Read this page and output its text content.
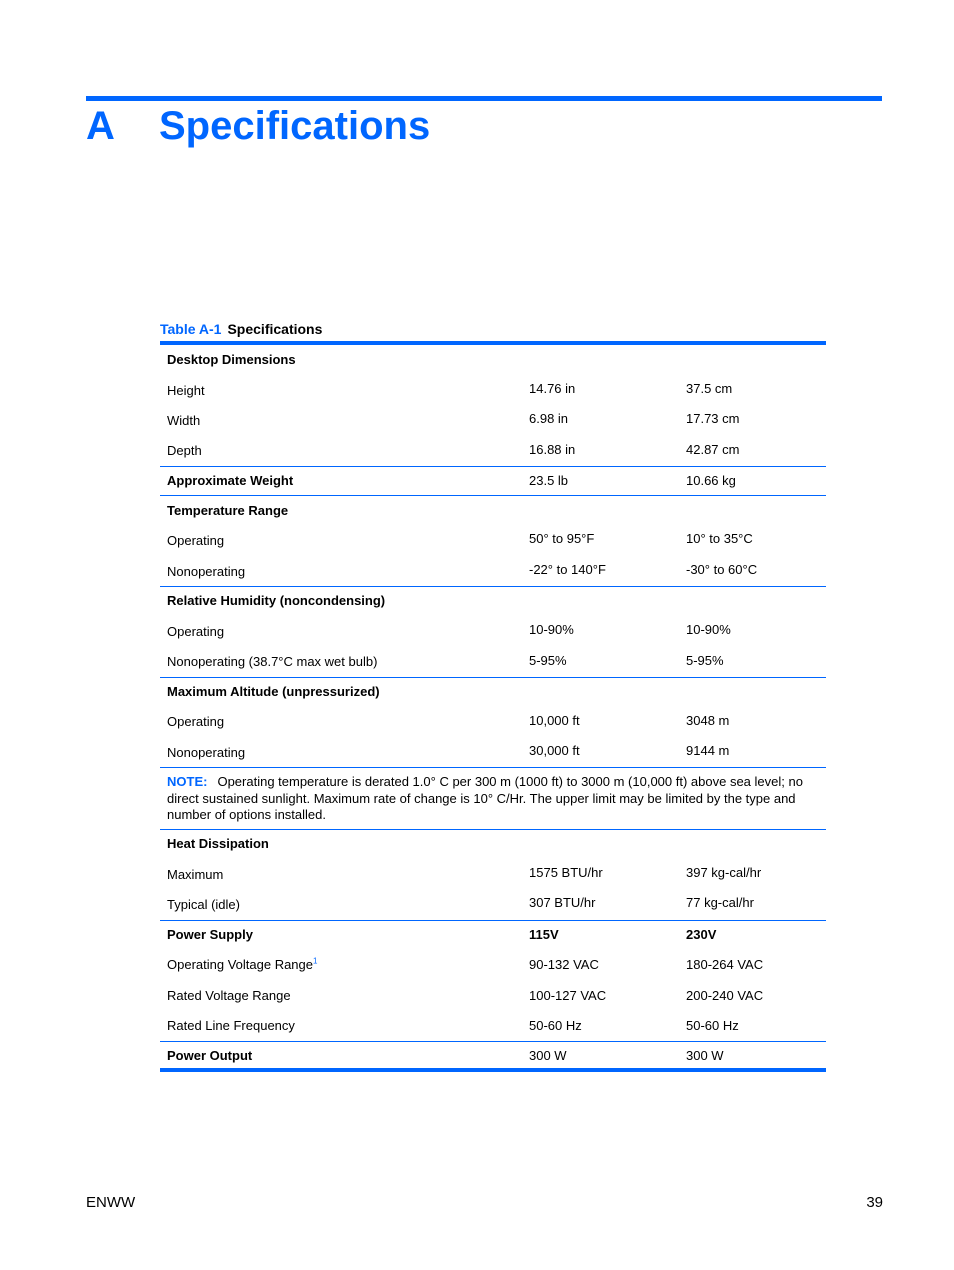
A Specifications
Table A-1 Specifications
Desktop Dimensions
Height	14.76 in	37.5 cm
Width	6.98 in	17.73 cm
Depth	16.88 in	42.87 cm
Approximate Weight	23.5 lb	10.66 kg
Temperature Range
Operating	50° to 95°F	10° to 35°C
Nonoperating	-22° to 140°F	-30° to 60°C
Relative Humidity (noncondensing)
Operating	10-90%	10-90%
Nonoperating (38.7°C max wet bulb)	5-95%	5-95%
Maximum Altitude (unpressurized)
Operating	10,000 ft	3048 m
Nonoperating	30,000 ft	9144 m
NOTE: Operating temperature is derated 1.0° C per 300 m (1000 ft) to 3000 m (10,000 ft) above sea level; no direct sustained sunlight. Maximum rate of change is 10° C/Hr. The upper limit may be limited by the type and number of options installed.
Heat Dissipation
Maximum	1575 BTU/hr	397 kg-cal/hr
Typical (idle)	307 BTU/hr	77 kg-cal/hr
Power Supply	115V	230V
Operating Voltage Range$^1$	90-132 VAC	180-264 VAC
Rated Voltage Range	100-127 VAC	200-240 VAC
Rated Line Frequency	50-60 Hz	50-60 Hz
Power Output	300 W	300 W
ENWW	39
